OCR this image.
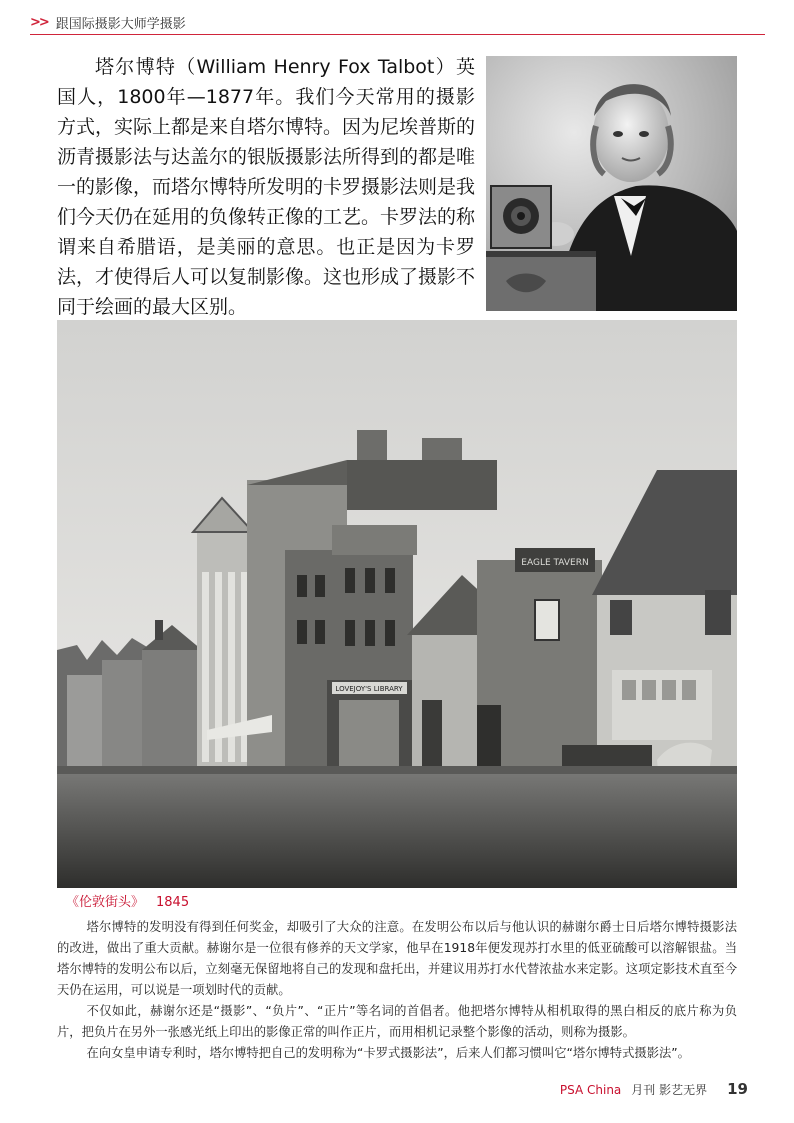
>> 跟国际摄影大师学摄影
塔尔博特（William Henry Fox Talbot）英国人，1800年—1877年。我们今天常用的摄影方式，实际上都是来自塔尔博特。因为尼埃普斯的沥青摄影法与达盖尔的银版摄影法所得到的都是唯一的影像，而塔尔博特所发明的卡罗摄影法则是我们今天仍在延用的负像转正像的工艺。卡罗法的称谓来自希腊语，是美丽的意思。也正是因为卡罗法，才使得后人可以复制影像。这也形成了摄影不同于绘画的最大区别。
LOVEJOY'S LIBRARY
EAGLE TAVERN
《伦敦街头》 1845

塔尔博特的发明没有得到任何奖金，却吸引了大众的注意。在发明公布以后与他认识的赫谢尔爵士日后塔尔博特摄影法的改进，做出了重大贡献。赫谢尔是一位很有修养的天文学家，他早在1918年便发现苏打水里的低亚硫酸可以溶解银盐。当塔尔博特的发明公布以后，立刻毫无保留地将自己的发现和盘托出，并建议用苏打水代替浓盐水来定影。这项定影技术直至今天仍在运用，可以说是一项划时代的贡献。

不仅如此，赫谢尔还是“摄影”、“负片”、“正片”等名词的首倡者。他把塔尔博特从相机取得的黑白相反的底片称为负片，把负片在另外一张感光纸上印出的影像正常的叫作正片，而用相机记录整个影像的活动，则称为摄影。

在向女皇申请专利时，塔尔博特把自己的发明称为“卡罗式摄影法”，后来人们都习惯叫它“塔尔博特式摄影法”。

PSA China 月刊 影艺无界 19
